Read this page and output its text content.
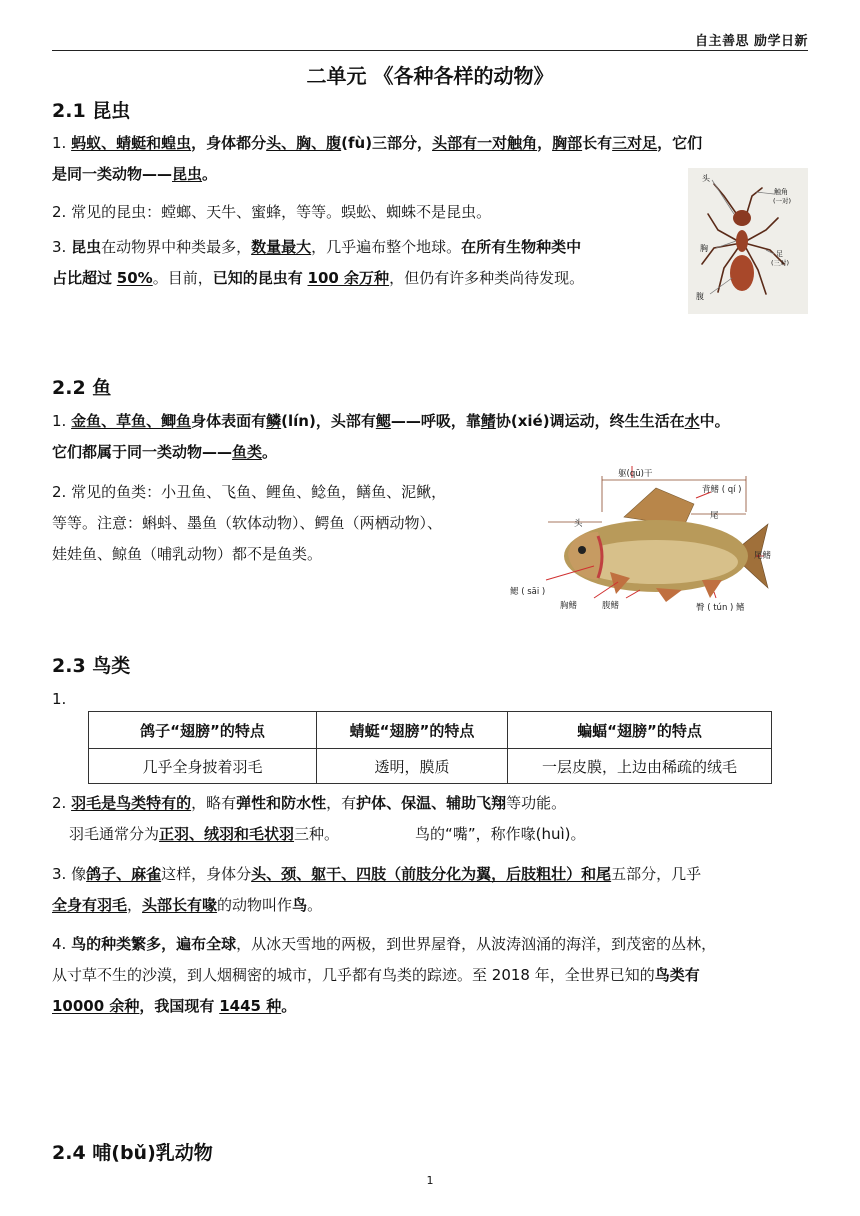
自主善思 励学日新
二单元 《各种各样的动物》
2.1 昆虫
1. 蚂蚁、蜻蜓和蝗虫，身体都分头、胸、腹(fù)三部分，头部有一对触角，胸部长有三对足，它们
是同一类动物——昆虫。
2. 常见的昆虫：螳螂、天牛、蜜蜂，等等。蜈蚣、蜘蛛不是昆虫。
3. 昆虫在动物界中种类最多，数量最大，几乎遍布整个地球。在所有生物种类中
占比超过 50%。目前，已知的昆虫有 100 余万种，但仍有许多种类尚待发现。
头
触角
(一对)
胸
足
(三对)
腹
2.2 鱼
1. 金鱼、草鱼、鲫鱼身体表面有鳞(lín)，头部有鳃——呼吸，靠鳍协(xié)调运动，终生生活在水中。
它们都属于同一类动物——鱼类。
2. 常见的鱼类：小丑鱼、飞鱼、鲤鱼、鲶鱼，鳝鱼、泥鳅，
等等。注意：蝌蚪、墨鱼（软体动物）、鳄鱼（两栖动物）、
娃娃鱼、鲸鱼（哺乳动物）都不是鱼类。
躯(qū)干
背鳍 ( qí )
头
尾
尾鳍
鳃 ( sāi )
胸鳍	腹鳍	臀 ( tún ) 鳍
2.3 鸟类
1.
鸽子“翅膀”的特点	蜻蜓“翅膀”的特点	蝙蝠“翅膀”的特点
几乎全身披着羽毛	透明，膜质	一层皮膜，上边由稀疏的绒毛
2. 羽毛是鸟类特有的，略有弹性和防水性，有护体、保温、辅助飞翔等功能。
羽毛通常分为正羽、绒羽和毛状羽三种。	鸟的“嘴”，称作喙(huì)。
3. 像鸽子、麻雀这样，身体分头、颈、躯干、四肢（前肢分化为翼，后肢粗壮）和尾五部分，几乎
全身有羽毛，头部长有喙的动物叫作鸟。
4. 鸟的种类繁多，遍布全球，从冰天雪地的两极，到世界屋脊，从波涛汹涌的海洋，到茂密的丛林，
从寸草不生的沙漠，到人烟稠密的城市，几乎都有鸟类的踪迹。至 2018 年，全世界已知的鸟类有
10000 余种，我国现有 1445 种。
2.4 哺(bǔ)乳动物
1
